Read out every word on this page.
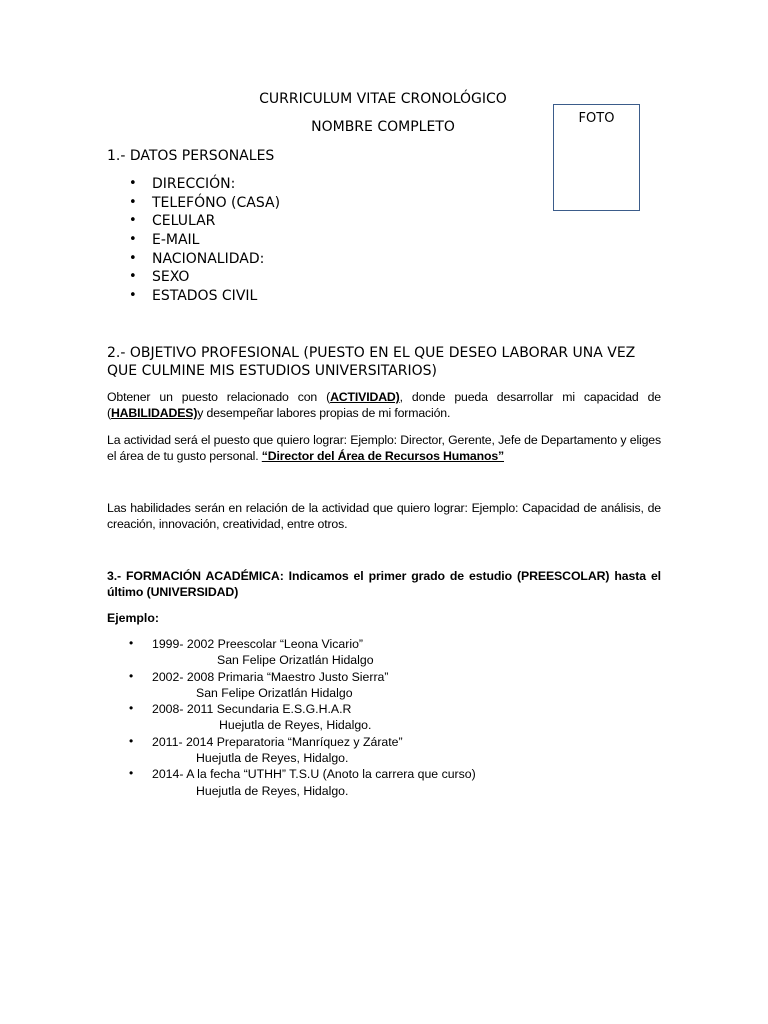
CURRICULUM VITAE CRONOLÓGICO
NOMBRE COMPLETO
FOTO
1.- DATOS PERSONALES
• DIRECCIÓN:
• TELEFÓNO (CASA)
• CELULAR
• E-MAIL
• NACIONALIDAD:
• SEXO
• ESTADOS CIVIL
2.- OBJETIVO PROFESIONAL (PUESTO EN EL QUE DESEO LABORAR UNA VEZ QUE CULMINE MIS ESTUDIOS UNIVERSITARIOS)

Obtener un puesto relacionado con (ACTIVIDAD), donde pueda desarrollar mi capacidad de (HABILIDADES)y desempeñar labores propias de mi formación.

La actividad será el puesto que quiero lograr: Ejemplo: Director, Gerente, Jefe de Departamento y eliges el área de tu gusto personal. “Director del Área de Recursos Humanos”

Las habilidades serán en relación de la actividad que quiero lograr: Ejemplo: Capacidad de análisis, de creación, innovación, creatividad, entre otros.

3.- FORMACIÓN ACADÉMICA: Indicamos el primer grado de estudio (PREESCOLAR) hasta el último (UNIVERSIDAD)

Ejemplo:
• 1999- 2002 Preescolar “Leona Vicario”
San Felipe Orizatlán Hidalgo
• 2002- 2008 Primaria “Maestro Justo Sierra”
San Felipe Orizatlán Hidalgo
• 2008- 2011 Secundaria E.S.G.H.A.R
Huejutla de Reyes, Hidalgo.
• 2011- 2014 Preparatoria “Manríquez y Zárate”
Huejutla de Reyes, Hidalgo.
• 2014- A la fecha “UTHH” T.S.U (Anoto la carrera que curso)
Huejutla de Reyes, Hidalgo.
